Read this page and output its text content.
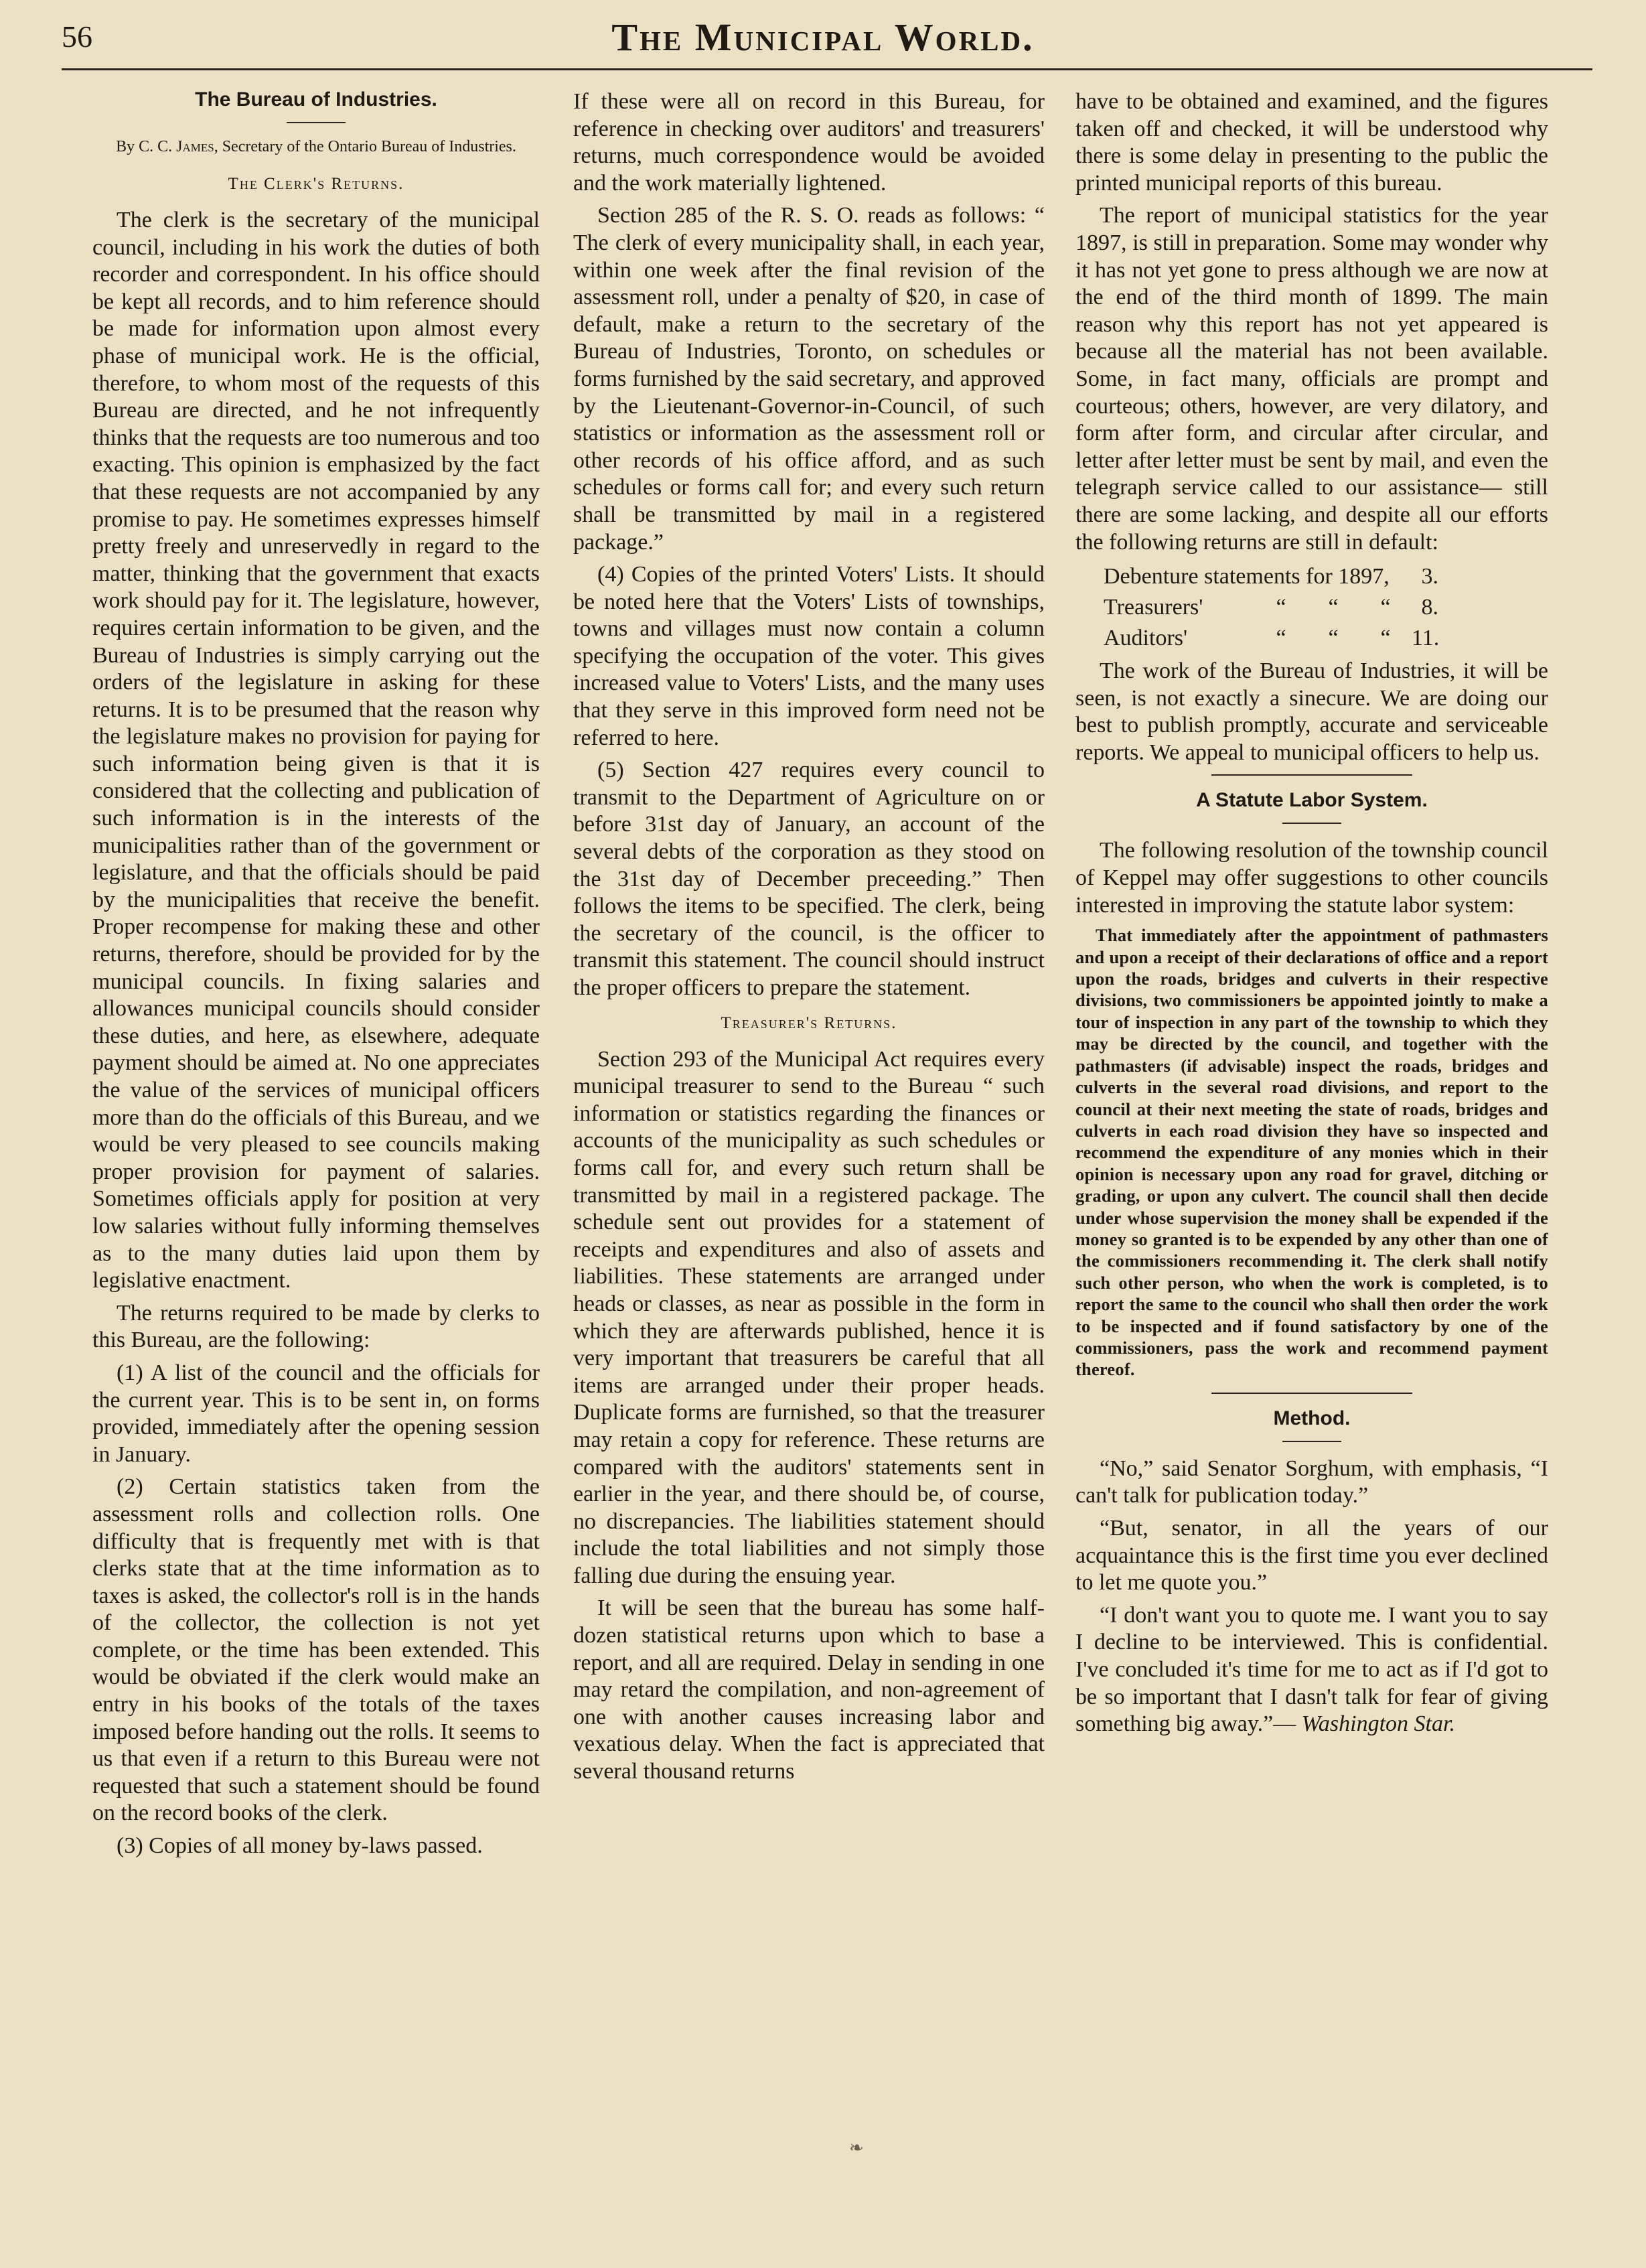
56	The Municipal World.

The Bureau of Industries.

By C. C. James, Secretary of the Ontario Bureau of Industries.

The Clerk's Returns.

The clerk is the secretary of the municipal council, including in his work the duties of both recorder and correspondent. In his office should be kept all records, and to him reference should be made for information upon almost every phase of municipal work. He is the official, therefore, to whom most of the requests of this Bureau are directed, and he not infrequently thinks that the requests are too numerous and too exacting. This opinion is emphasized by the fact that these requests are not accompanied by any promise to pay. He sometimes expresses himself pretty freely and unreservedly in regard to the matter, thinking that the government that exacts work should pay for it. The legislature, however, requires certain information to be given, and the Bureau of Industries is simply carrying out the orders of the legislature in asking for these returns. It is to be presumed that the reason why the legislature makes no provision for paying for such information being given is that it is considered that the collecting and publication of such information is in the interests of the municipalities rather than of the government or legislature, and that the officials should be paid by the municipalities that receive the benefit. Proper recompense for making these and other returns, therefore, should be provided for by the municipal councils. In fixing salaries and allowances municipal councils should consider these duties, and here, as elsewhere, adequate payment should be aimed at. No one appreciates the value of the services of municipal officers more than do the officials of this Bureau, and we would be very pleased to see councils making proper provision for payment of salaries. Sometimes officials apply for position at very low salaries without fully informing themselves as to the many duties laid upon them by legislative enactment.

The returns required to be made by clerks to this Bureau, are the following:

(1) A list of the council and the officials for the current year. This is to be sent in, on forms provided, immediately after the opening session in January.

(2) Certain statistics taken from the assessment rolls and collection rolls. One difficulty that is frequently met with is that clerks state that at the time information as to taxes is asked, the collector's roll is in the hands of the collector, the collection is not yet complete, or the time has been extended. This would be obviated if the clerk would make an entry in his books of the totals of the taxes imposed before handing out the rolls. It seems to us that even if a return to this Bureau were not requested that such a statement should be found on the record books of the clerk.

(3) Copies of all money by-laws passed.

If these were all on record in this Bureau, for reference in checking over auditors' and treasurers' returns, much correspondence would be avoided and the work materially lightened.

Section 285 of the R. S. O. reads as follows: “ The clerk of every municipality shall, in each year, within one week after the final revision of the assessment roll, under a penalty of $20, in case of default, make a return to the secretary of the Bureau of Industries, Toronto, on schedules or forms furnished by the said secretary, and approved by the Lieutenant-Governor-in-Council, of such statistics or information as the assessment roll or other records of his office afford, and as such schedules or forms call for; and every such return shall be transmitted by mail in a registered package.”

(4) Copies of the printed Voters' Lists. It should be noted here that the Voters' Lists of townships, towns and villages must now contain a column specifying the occupation of the voter. This gives increased value to Voters' Lists, and the many uses that they serve in this improved form need not be referred to here.

(5) Section 427 requires every council to transmit to the Department of Agriculture on or before 31st day of January, an account of the several debts of the corporation as they stood on the 31st day of December preceeding.” Then follows the items to be specified. The clerk, being the secretary of the council, is the officer to transmit this statement. The council should instruct the proper officers to prepare the statement.

Treasurer's Returns.

Section 293 of the Municipal Act requires every municipal treasurer to send to the Bureau “ such information or statistics regarding the finances or accounts of the municipality as such schedules or forms call for, and every such return shall be transmitted by mail in a registered package. The schedule sent out provides for a statement of receipts and expenditures and also of assets and liabilities. These statements are arranged under heads or classes, as near as possible in the form in which they are afterwards published, hence it is very important that treasurers be careful that all items are arranged under their proper heads. Duplicate forms are furnished, so that the treasurer may retain a copy for reference. These returns are compared with the auditors' statements sent in earlier in the year, and there should be, of course, no discrepancies. The liabilities statement should include the total liabilities and not simply those falling due during the ensuing year.

It will be seen that the bureau has some half-dozen statistical returns upon which to base a report, and all are required. Delay in sending in one may retard the compilation, and non-agreement of one with another causes increasing labor and vexatious delay. When the fact is appreciated that several thousand returns

have to be obtained and examined, and the figures taken off and checked, it will be understood why there is some delay in presenting to the public the printed municipal reports of this bureau.

The report of municipal statistics for the year 1897, is still in preparation. Some may wonder why it has not yet gone to press although we are now at the end of the third month of 1899. The main reason why this report has not yet appeared is because all the material has not been available. Some, in fact many, officials are prompt and courteous; others, however, are very dilatory, and form after form, and circular after circular, and letter after letter must be sent by mail, and even the telegraph service called to our assistance— still there are some lacking, and despite all our efforts the following returns are still in default:

Debenture statements for 1897,	3.
Treasurers'	“	“	“	8.
Auditors'	“	“	“ 11.

The work of the Bureau of Industries, it will be seen, is not exactly a sinecure. We are doing our best to publish promptly, accurate and serviceable reports. We appeal to municipal officers to help us.

A Statute Labor System.

The following resolution of the township council of Keppel may offer suggestions to other councils interested in improving the statute labor system:

That immediately after the appointment of pathmasters and upon a receipt of their declarations of office and a report upon the roads, bridges and culverts in their respective divisions, two commissioners be appointed jointly to make a tour of inspection in any part of the township to which they may be directed by the council, and together with the pathmasters (if advisable) inspect the roads, bridges and culverts in the several road divisions, and report to the council at their next meeting the state of roads, bridges and culverts in each road division they have so inspected and recommend the expenditure of any monies which in their opinion is necessary upon any road for gravel, ditching or grading, or upon any culvert. The council shall then decide under whose supervision the money shall be expended if the money so granted is to be expended by any other than one of the commissioners recommending it. The clerk shall notify such other person, who when the work is completed, is to report the same to the council who shall then order the work to be inspected and if found satisfactory by one of the commissioners, pass the work and recommend payment thereof.

Method.

“No,” said Senator Sorghum, with emphasis, “I can't talk for publication today.”

“But, senator, in all the years of our acquaintance this is the first time you ever declined to let me quote you.”

“I don't want you to quote me. I want you to say I decline to be interviewed. This is confidential. I've concluded it's time for me to act as if I'd got to be so important that I dasn't talk for fear of giving something big away.”— Washington Star.

❧
